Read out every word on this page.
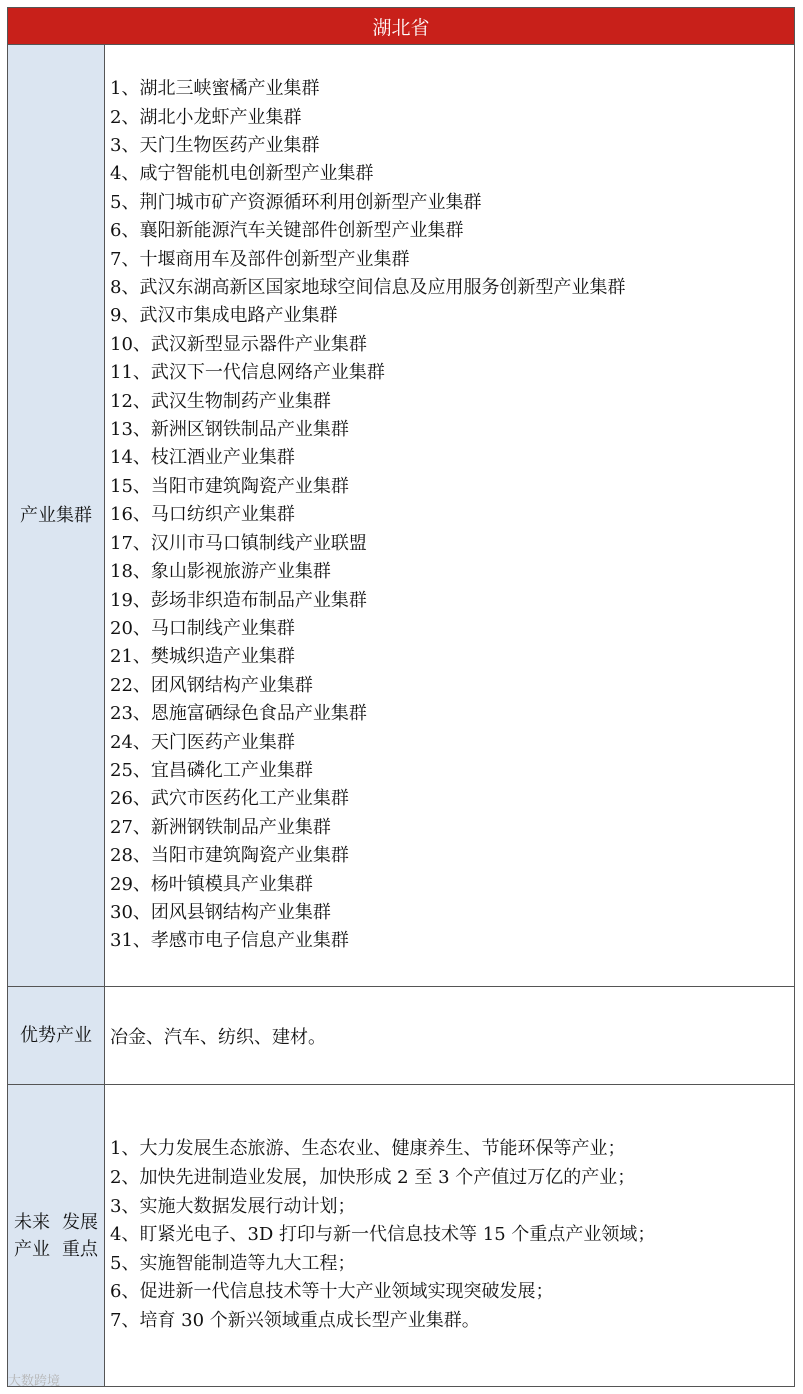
湖北省
产业集群
1、湖北三峡蜜橘产业集群
2、湖北小龙虾产业集群
3、天门生物医药产业集群
4、咸宁智能机电创新型产业集群
5、荆门城市矿产资源循环利用创新型产业集群
6、襄阳新能源汽车关键部件创新型产业集群
7、十堰商用车及部件创新型产业集群
8、武汉东湖高新区国家地球空间信息及应用服务创新型产业集群
9、武汉市集成电路产业集群
10、武汉新型显示器件产业集群
11、武汉下一代信息网络产业集群
12、武汉生物制药产业集群
13、新洲区钢铁制品产业集群
14、枝江酒业产业集群
15、当阳市建筑陶瓷产业集群
16、马口纺织产业集群
17、汉川市马口镇制线产业联盟
18、象山影视旅游产业集群
19、彭场非织造布制品产业集群
20、马口制线产业集群
21、樊城织造产业集群
22、团风钢结构产业集群
23、恩施富硒绿色食品产业集群
24、天门医药产业集群
25、宜昌磷化工产业集群
26、武穴市医药化工产业集群
27、新洲钢铁制品产业集群
28、当阳市建筑陶瓷产业集群
29、杨叶镇模具产业集群
30、团风县钢结构产业集群
31、孝感市电子信息产业集群
优势产业	冶金、汽车、纺织、建材。
未来产业
发展重点
1、大力发展生态旅游、生态农业、健康养生、节能环保等产业；
2、加快先进制造业发展，加快形成 2 至 3 个产值过万亿的产业；
3、实施大数据发展行动计划；
4、盯紧光电子、3D 打印与新一代信息技术等 15 个重点产业领域；
5、实施智能制造等九大工程；
6、促进新一代信息技术等十大产业领域实现突破发展；
7、培育 30 个新兴领域重点成长型产业集群。
大数跨境
